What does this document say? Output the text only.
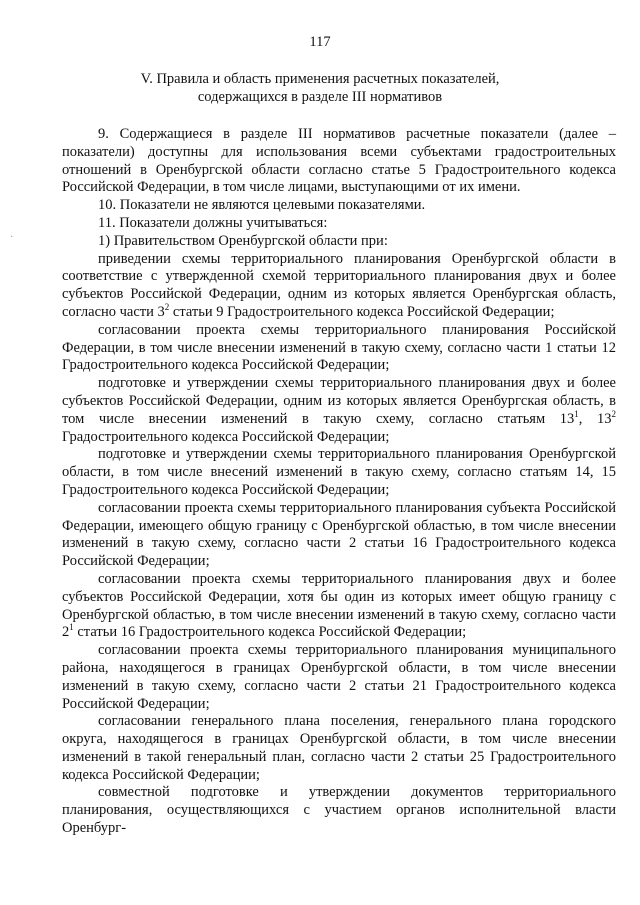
117
V. Правила и область применения расчетных показателей,
содержащихся в разделе III нормативов
·

9. Содержащиеся в разделе III нормативов расчетные показатели (далее – показатели) доступны для использования всеми субъектами градостроительных отношений в Оренбургской области согласно статье 5 Градостроительного кодекса Российской Федерации, в том числе лицами, выступающими от их имени.

10. Показатели не являются целевыми показателями.

11. Показатели должны учитываться:

1) Правительством Оренбургской области при:

приведении схемы территориального планирования Оренбургской области в соответствие с утвержденной схемой территориального планирования двух и более субъектов Российской Федерации, одним из которых является Оренбургская область, согласно части $3^2$ статьи 9 Градостроительного кодекса Российской Федерации;

согласовании проекта схемы территориального планирования Российской Федерации, в том числе внесении изменений в такую схему, согласно части 1 статьи 12 Градостроительного кодекса Российской Федерации;

подготовке и утверждении схемы территориального планирования двух и более субъектов Российской Федерации, одним из которых является Оренбургская область, в том числе внесении изменений в такую схему, согласно статьям $13^1$, $13^2$ Градостроительного кодекса Российской Федерации;

подготовке и утверждении схемы территориального планирования Оренбургской области, в том числе внесений изменений в такую схему, согласно статьям 14, 15 Градостроительного кодекса Российской Федерации;

согласовании проекта схемы территориального планирования субъекта Российской Федерации, имеющего общую границу с Оренбургской областью, в том числе внесении изменений в такую схему, согласно части 2 статьи 16 Градостроительного кодекса Российской Федерации;

согласовании проекта схемы территориального планирования двух и более субъектов Российской Федерации, хотя бы один из которых имеет общую границу с Оренбургской областью, в том числе внесении изменений в такую схему, согласно части $2^1$ статьи 16 Градостроительного кодекса Российской Федерации;

согласовании проекта схемы территориального планирования муниципального района, находящегося в границах Оренбургской области, в том числе внесении изменений в такую схему, согласно части 2 статьи 21 Градостроительного кодекса Российской Федерации;

согласовании генерального плана поселения, генерального плана городского округа, находящегося в границах Оренбургской области, в том числе внесении изменений в такой генеральный план, согласно части 2 статьи 25 Градостроительного кодекса Российской Федерации;

совместной подготовке и утверждении документов территориального планирования, осуществляющихся с участием органов исполнительной власти Оренбург-
